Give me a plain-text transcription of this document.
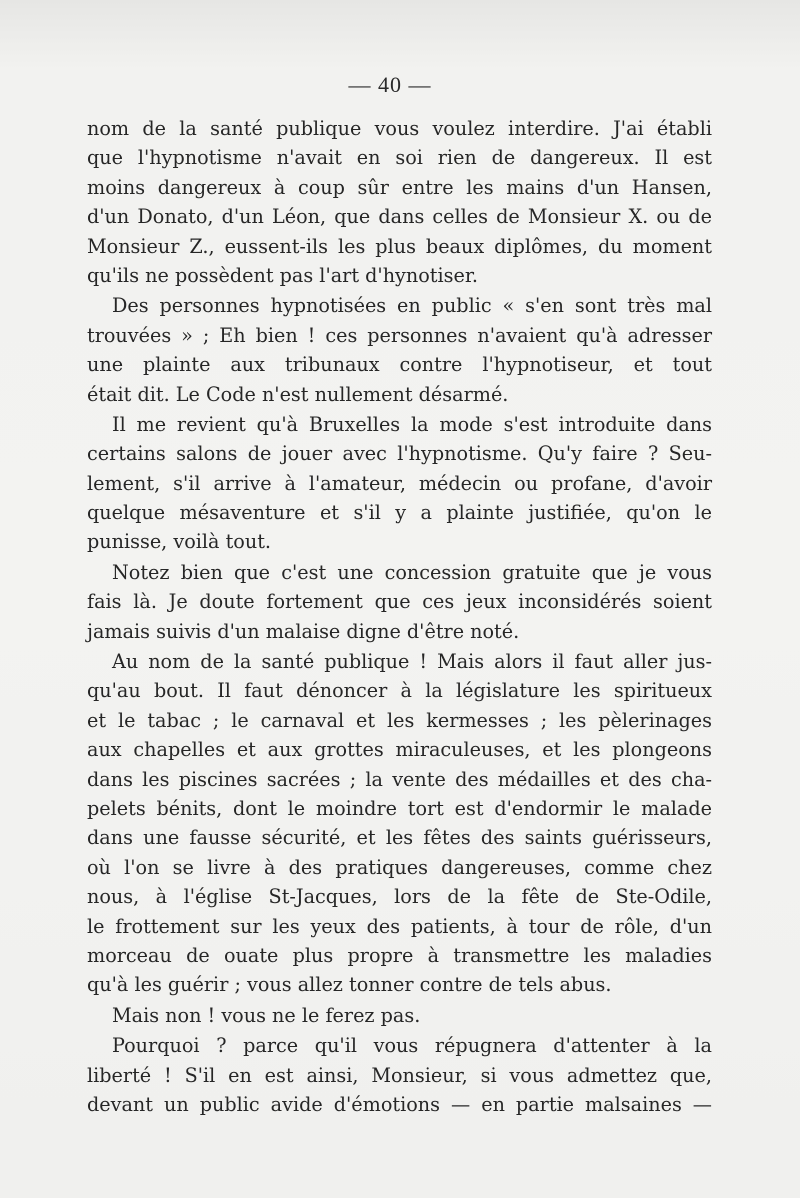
— 40 —
nom de la santé publique vous voulez interdire. J'ai établi
que l'hypnotisme n'avait en soi rien de dangereux. Il est
moins dangereux à coup sûr entre les mains d'un Hansen,
d'un Donato, d'un Léon, que dans celles de Monsieur X. ou de
Monsieur Z., eussent-ils les plus beaux diplômes, du moment
qu'ils ne possèdent pas l'art d'hynotiser.
Des personnes hypnotisées en public « s'en sont très mal
trouvées » ; Eh bien ! ces personnes n'avaient qu'à adresser
une plainte aux tribunaux contre l'hypnotiseur, et tout
était dit. Le Code n'est nullement désarmé.
Il me revient qu'à Bruxelles la mode s'est introduite dans
certains salons de jouer avec l'hypnotisme. Qu'y faire ? Seu-
lement, s'il arrive à l'amateur, médecin ou profane, d'avoir
quelque mésaventure et s'il y a plainte justifiée, qu'on le
punisse, voilà tout.
Notez bien que c'est une concession gratuite que je vous
fais là. Je doute fortement que ces jeux inconsidérés soient
jamais suivis d'un malaise digne d'être noté.
Au nom de la santé publique ! Mais alors il faut aller jus-
qu'au bout. Il faut dénoncer à la législature les spiritueux
et le tabac ; le carnaval et les kermesses ; les pèlerinages
aux chapelles et aux grottes miraculeuses, et les plongeons
dans les piscines sacrées ; la vente des médailles et des cha-
pelets bénits, dont le moindre tort est d'endormir le malade
dans une fausse sécurité, et les fêtes des saints guérisseurs,
où l'on se livre à des pratiques dangereuses, comme chez
nous, à l'église St-Jacques, lors de la fête de Ste-Odile,
le frottement sur les yeux des patients, à tour de rôle, d'un
morceau de ouate plus propre à transmettre les maladies
qu'à les guérir ; vous allez tonner contre de tels abus.
Mais non ! vous ne le ferez pas.
Pourquoi ? parce qu'il vous répugnera d'attenter à la
liberté ! S'il en est ainsi, Monsieur, si vous admettez que,
devant un public avide d'émotions — en partie malsaines —
